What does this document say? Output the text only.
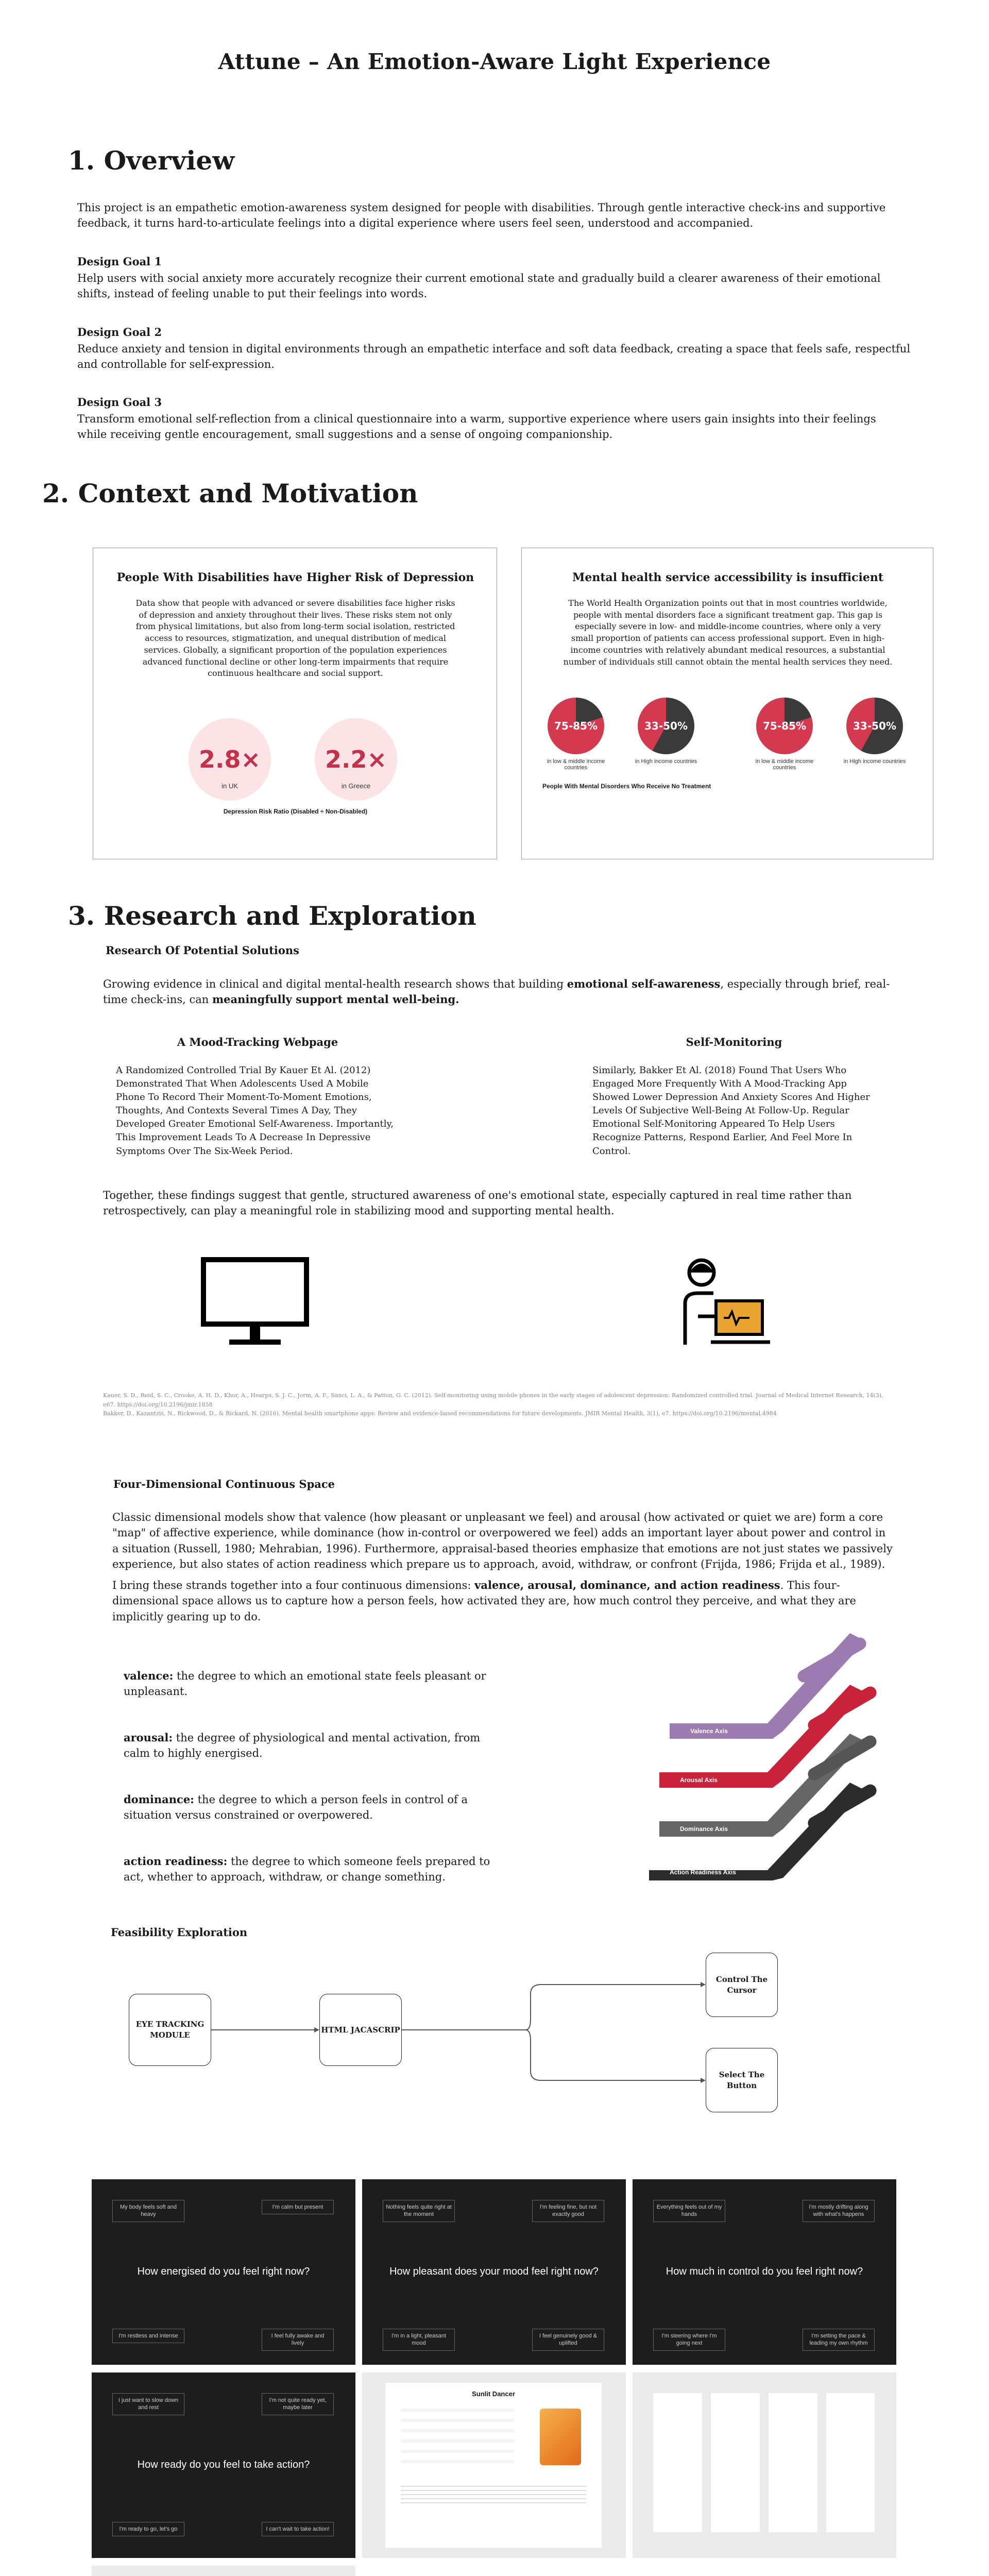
Attune – An Emotion-Aware Light Experience
1. Overview
This project is an empathetic emotion-awareness system designed for people with disabilities. Through gentle interactive check-ins and supportive feedback, it turns hard-to-articulate feelings into a digital experience where users feel seen, understood and accompanied.
Design Goal 1
Help users with social anxiety more accurately recognize their current emotional state and gradually build a clearer awareness of their emotional shifts, instead of feeling unable to put their feelings into words.
Design Goal 2
Reduce anxiety and tension in digital environments through an empathetic interface and soft data feedback, creating a space that feels safe, respectful and controllable for self-expression.
Design Goal 3
Transform emotional self-reflection from a clinical questionnaire into a warm, supportive experience where users gain insights into their feelings while receiving gentle encouragement, small suggestions and a sense of ongoing companionship.
2. Context and Motivation
People With Disabilities have Higher Risk of Depression
Data show that people with advanced or severe disabilities face higher risks of depression and anxiety throughout their lives. These risks stem not only from physical limitations, but also from long-term social isolation, restricted access to resources, stigmatization, and unequal distribution of medical services. Globally, a significant proportion of the population experiences advanced functional decline or other long-term impairments that require continuous healthcare and social support.
2.8×
in UK
2.2×
in Greece
Depression Risk Ratio (Disabled ÷ Non-Disabled)
Mental health service accessibility is insufficient
The World Health Organization points out that in most countries worldwide, people with mental disorders face a significant treatment gap. This gap is especially severe in low- and middle-income countries, where only a very small proportion of patients can access professional support. Even in high-income countries with relatively abundant medical resources, a substantial number of individuals still cannot obtain the mental health services they need.
75-85%
in low & middle income countries
33-50%
in High income countries
75-85%
in low & middle income countries
33-50%
in High income countries
People With Mental Disorders Who Receive No Treatment
3. Research and Exploration
Research Of Potential Solutions
Growing evidence in clinical and digital mental-health research shows that building emotional self-awareness, especially through brief, real-time check-ins, can meaningfully support mental well-being.
A Mood-Tracking Webpage
A Randomized Controlled Trial By Kauer Et Al. (2012) Demonstrated That When Adolescents Used A Mobile Phone To Record Their Moment-To-Moment Emotions, Thoughts, And Contexts Several Times A Day, They Developed Greater Emotional Self-Awareness. Importantly, This Improvement Leads To A Decrease In Depressive Symptoms Over The Six-Week Period.
Self-Monitoring
Similarly, Bakker Et Al. (2018) Found That Users Who Engaged More Frequently With A Mood-Tracking App Showed Lower Depression And Anxiety Scores And Higher Levels Of Subjective Well-Being At Follow-Up. Regular Emotional Self-Monitoring Appeared To Help Users Recognize Patterns, Respond Earlier, And Feel More In Control.
Together, these findings suggest that gentle, structured awareness of one's emotional state, especially captured in real time rather than retrospectively, can play a meaningful role in stabilizing mood and supporting mental health.
Kauer, S. D., Reid, S. C., Crooke, A. H. D., Khor, A., Hearps, S. J. C., Jorm, A. F., Sanci, L. A., & Patton, G. C. (2012). Self-monitoring using mobile phones in the early stages of adolescent depression: Randomized controlled trial. Journal of Medical Internet Research, 14(3), e67. https://doi.org/10.2196/jmir.1858
Bakker, D., Kazantzis, N., Rickwood, D., & Rickard, N. (2016). Mental health smartphone apps: Review and evidence-based recommendations for future developments. JMIR Mental Health, 3(1), e7. https://doi.org/10.2196/mental.4984
Four-Dimensional Continuous Space
Classic dimensional models show that valence (how pleasant or unpleasant we feel) and arousal (how activated or quiet we are) form a core "map" of affective experience, while dominance (how in-control or overpowered we feel) adds an important layer about power and control in a situation (Russell, 1980; Mehrabian, 1996). Furthermore, appraisal-based theories emphasize that emotions are not just states we passively experience, but also states of action readiness which prepare us to approach, avoid, withdraw, or confront (Frijda, 1986; Frijda et al., 1989).
I bring these strands together into a four continuous dimensions: valence, arousal, dominance, and action readiness. This four-dimensional space allows us to capture how a person feels, how activated they are, how much control they perceive, and what they are implicitly gearing up to do.
valence: the degree to which an emotional state feels pleasant or unpleasant.
arousal: the degree of physiological and mental activation, from calm to highly energised.
dominance: the degree to which a person feels in control of a situation versus constrained or overpowered.
action readiness: the degree to which someone feels prepared to act, whether to approach, withdraw, or change something.
Valence Axis
Arousal Axis
Dominance Axis
Action Readiness Axis
Feasibility Exploration
EYE TRACKING MODULE
HTML JACASCRIP
Control The Cursor
Select The Button
My body feels soft and heavy
I'm calm but present
How energised do you feel right now?
I'm restless and intense	I feel fully awake and lively
Nothing feels quite right at the moment
I'm feeling fine, but not exactly good
How pleasant does your mood feel right now?
I'm in a light, pleasant mood
I feel genuinely good & uplifted
Everything feels out of my hands
I'm mostly drifting along with what's happens
How much in control do you feel right now?
I'm steering where I'm going next
I'm setting the pace & leading my own rhythm
I just want to slow down and rest
I'm not quite ready yet, maybe later
How ready do you feel to take action?
I'm ready to go, let's go	I can't wait to take action!
Sunlit Dancer
